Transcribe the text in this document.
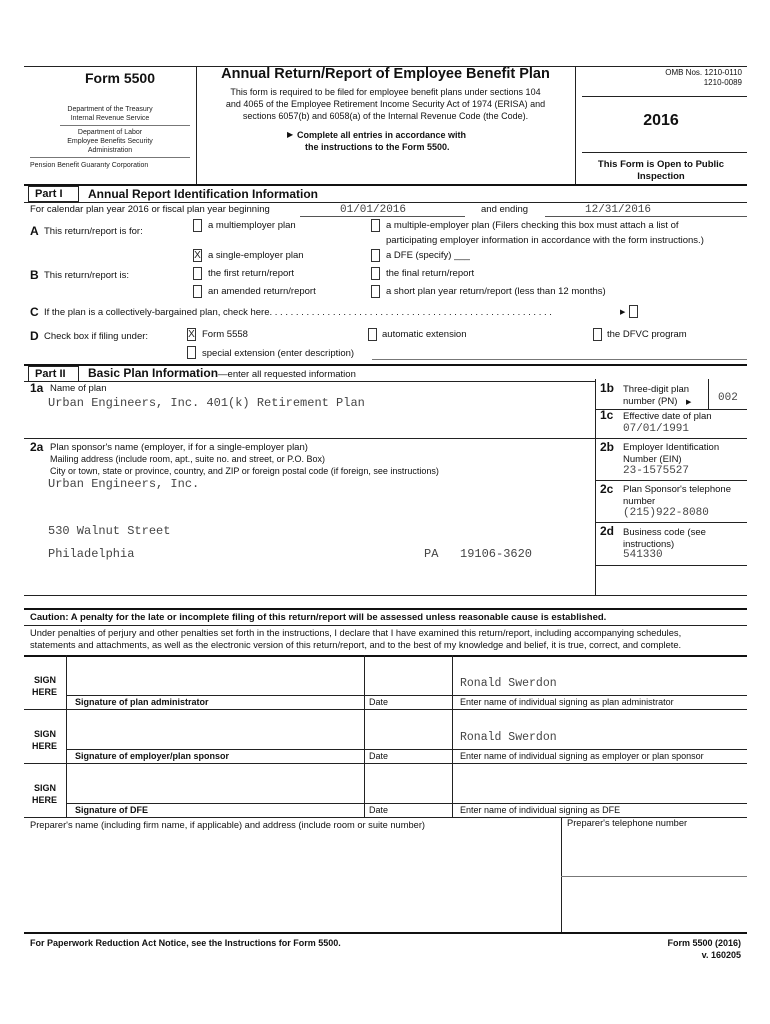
Form 5500
Department of the Treasury
Internal Revenue Service
Department of Labor
Employee Benefits Security
Administration
Pension Benefit Guaranty Corporation
Annual Return/Report of Employee Benefit Plan
This form is required to be filed for employee benefit plans under sections 104
and 4065 of the Employee Retirement Income Security Act of 1974 (ERISA) and
sections 6057(b) and 6058(a) of the Internal Revenue Code (the Code).
▶ Complete all entries in accordance with
the instructions to the Form 5500.
OMB Nos. 1210-0110
1210-0089
2016
This Form is Open to Public
Inspection
Part I	Annual Report Identification Information
For calendar plan year 2016 or fiscal plan year beginning	01/01/2016	and ending	12/31/2016
A This return/report is for:
a multiemployer plan	a multiple-employer plan (Filers checking this box must attach a list of
participating employer information in accordance with the form instructions.)
X a single-employer plan	a DFE (specify) ___
B This return/report is:	the first return/report	the final return/report
an amended return/report	a short plan year return/report (less than 12 months)
C If the plan is a collectively-bargained plan, check here. . . . . . . . . . . . . . . . . . . . . . . . . . . . . . . . . . . . . . . . . . . . . . . . . . . . . .	▶
D Check box if filing under:	X Form 5558	automatic extension	the DFVC program
special extension (enter description)
Part II	Basic Plan Information—enter all requested information
1a Name of plan
Urban Engineers, Inc. 401(k) Retirement Plan
1b Three-digit plan
number (PN) ▶ 002
1c Effective date of plan
07/01/1991
2a Plan sponsor's name (employer, if for a single-employer plan)
Mailing address (include room, apt., suite no. and street, or P.O. Box)
City or town, state or province, country, and ZIP or foreign postal code (if foreign, see instructions)
Urban Engineers, Inc.
530 Walnut Street
Philadelphia	PA 19106-3620
2b Employer Identification
Number (EIN)
23-1575527
2c Plan Sponsor's telephone
number
(215)922-8080
2d Business code (see
instructions)
541330
Caution: A penalty for the late or incomplete filing of this return/report will be assessed unless reasonable cause is established.
Under penalties of perjury and other penalties set forth in the instructions, I declare that I have examined this return/report, including accompanying schedules,
statements and attachments, as well as the electronic version of this return/report, and to the best of my knowledge and belief, it is true, correct, and complete.
SIGN
HERE
Ronald Swerdon
Signature of plan administrator	Date	Enter name of individual signing as plan administrator
SIGN
HERE
Ronald Swerdon
Signature of employer/plan sponsor	Date	Enter name of individual signing as employer or plan sponsor
SIGN
HERE
Signature of DFE	Date	Enter name of individual signing as DFE
Preparer's name (including firm name, if applicable) and address (include room or suite number)	Preparer's telephone number
For Paperwork Reduction Act Notice, see the Instructions for Form 5500.	Form 5500 (2016)
v. 160205
